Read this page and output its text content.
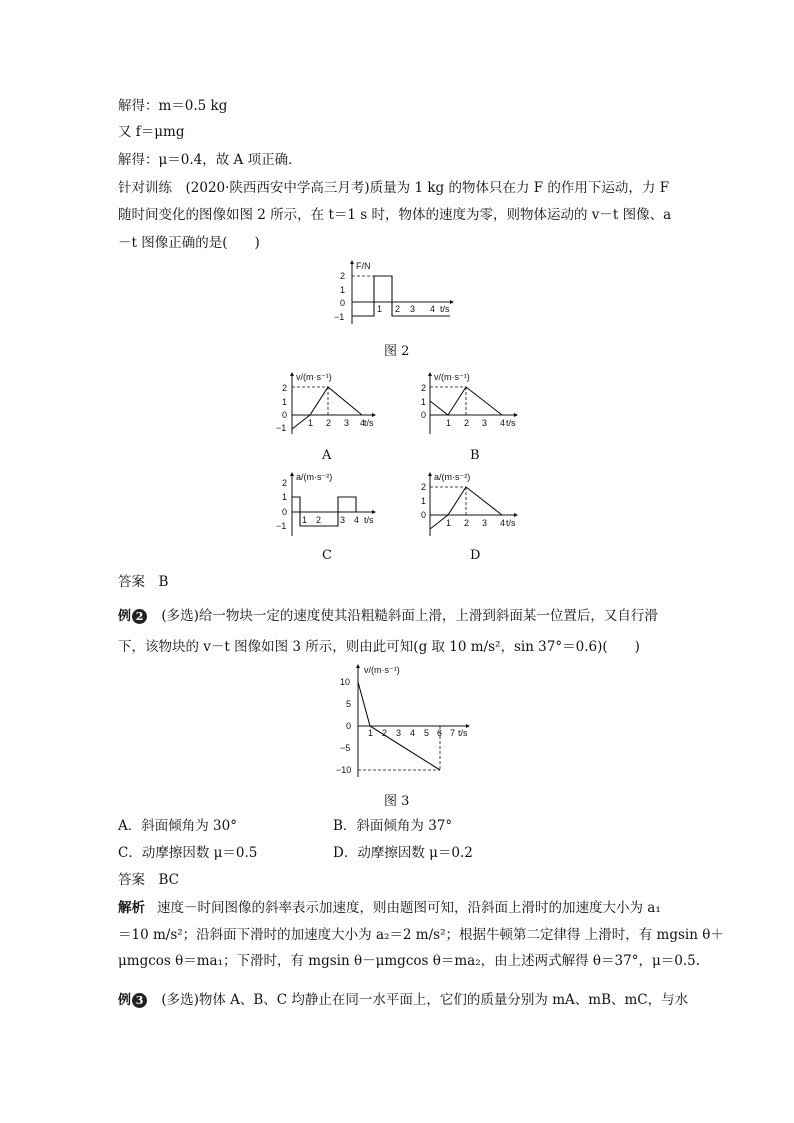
解得：m＝0.5 kg
又 f＝μmg
解得：μ＝0.4，故 A 项正确．
针对训练　(2020·陕西西安中学高三月考)质量为 1 kg 的物体只在力 F 的作用下运动，力 F
随时间变化的图像如图 2 所示，在 t＝1 s 时，物体的速度为零，则物体运动的 v－t 图像、a
－t 图像正确的是(　　)
F/N
t/s
2
1
0
−1
1 2 3 4
图 2
v/(m·s⁻¹)
t/s
2
1
0
−1 1 2 3 4
A
v/(m·s⁻¹)
t/s
2
1
0
1 2 3 4
B
a/(m·s⁻²)
t/s
2
1
0
−1
1 2 3 4
C
a/(m·s⁻²)
t/s
2
1
0
1 2 3 4
D
答案　B
例 2 (多选)给一物块一定的速度使其沿粗糙斜面上滑，上滑到斜面某一位置后，又自行滑
下，该物块的 v－t 图像如图 3 所示，则由此可知(g 取 10 m/s²，sin 37°＝0.6)(　　)
v/(m·s⁻¹)
t/s
10
5
0
−5
−10
1 2 3 4 5 6 7
图 3
A．斜面倾角为 30°	B．斜面倾角为 37°
C．动摩擦因数 μ＝0.5	D．动摩擦因数 μ＝0.2
答案　BC
解析 速度－时间图像的斜率表示加速度，则由题图可知，沿斜面上滑时的加速度大小为 a₁
＝10 m/s²；沿斜面下滑时的加速度大小为 a₂＝2 m/s²；根据牛顿第二定律得 上滑时，有 mgsin θ＋
μmgcos θ＝ma₁；下滑时，有 mgsin θ－μmgcos θ＝ma₂，由上述两式解得 θ＝37°，μ＝0.5.
例 3 (多选)物体 A、B、C 均静止在同一水平面上，它们的质量分别为 mA、mB、mC，与水
